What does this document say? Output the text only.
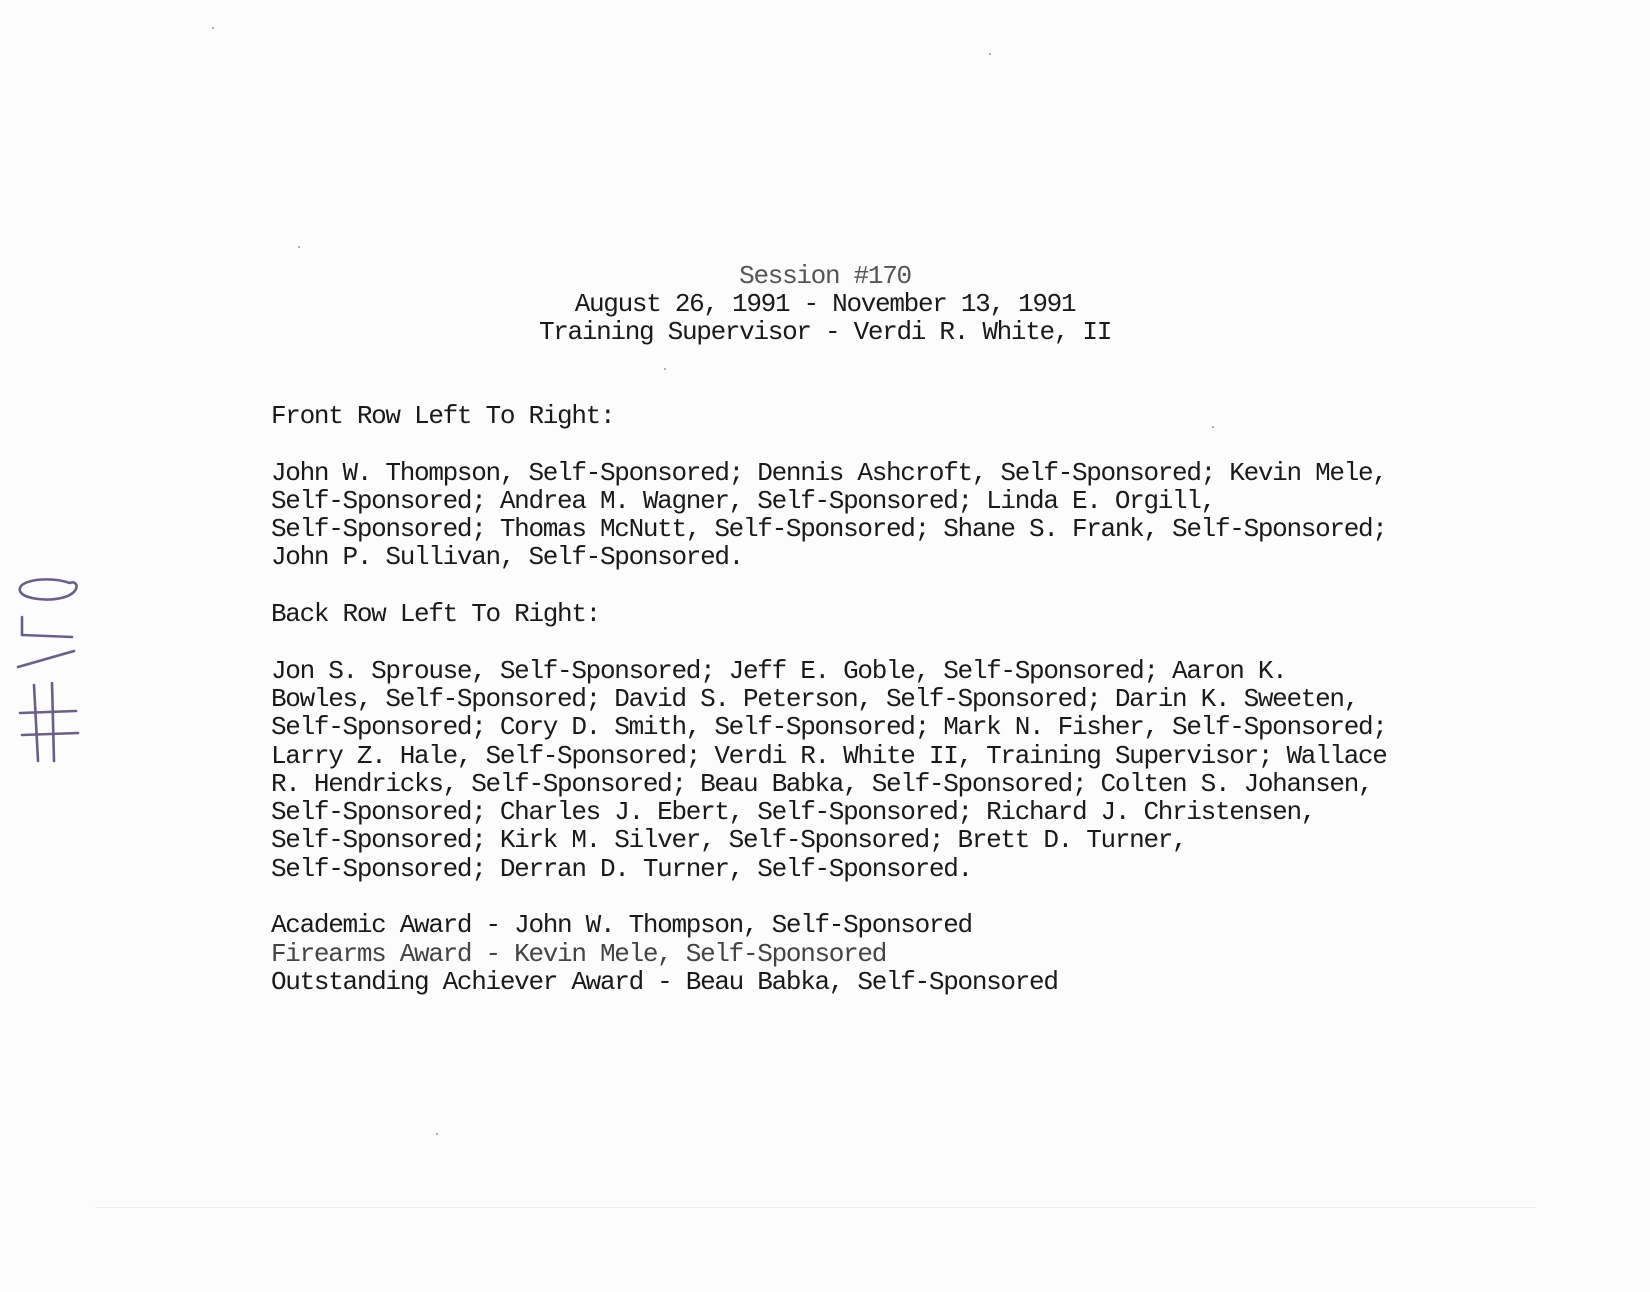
Session #170
August 26, 1991 - November 13, 1991
Training Supervisor - Verdi R. White, II
Front Row Left To Right:
John W. Thompson, Self-Sponsored; Dennis Ashcroft, Self-Sponsored; Kevin Mele,
Self-Sponsored; Andrea M. Wagner, Self-Sponsored; Linda E. Orgill,
Self-Sponsored; Thomas McNutt, Self-Sponsored; Shane S. Frank, Self-Sponsored;
John P. Sullivan, Self-Sponsored.
Back Row Left To Right:
Jon S. Sprouse, Self-Sponsored; Jeff E. Goble, Self-Sponsored; Aaron K.
Bowles, Self-Sponsored; David S. Peterson, Self-Sponsored; Darin K. Sweeten,
Self-Sponsored; Cory D. Smith, Self-Sponsored; Mark N. Fisher, Self-Sponsored;
Larry Z. Hale, Self-Sponsored; Verdi R. White II, Training Supervisor; Wallace
R. Hendricks, Self-Sponsored; Beau Babka, Self-Sponsored; Colten S. Johansen,
Self-Sponsored; Charles J. Ebert, Self-Sponsored; Richard J. Christensen,
Self-Sponsored; Kirk M. Silver, Self-Sponsored; Brett D. Turner,
Self-Sponsored; Derran D. Turner, Self-Sponsored.
Academic Award - John W. Thompson, Self-Sponsored
Firearms Award - Kevin Mele, Self-Sponsored
Outstanding Achiever Award - Beau Babka, Self-Sponsored
